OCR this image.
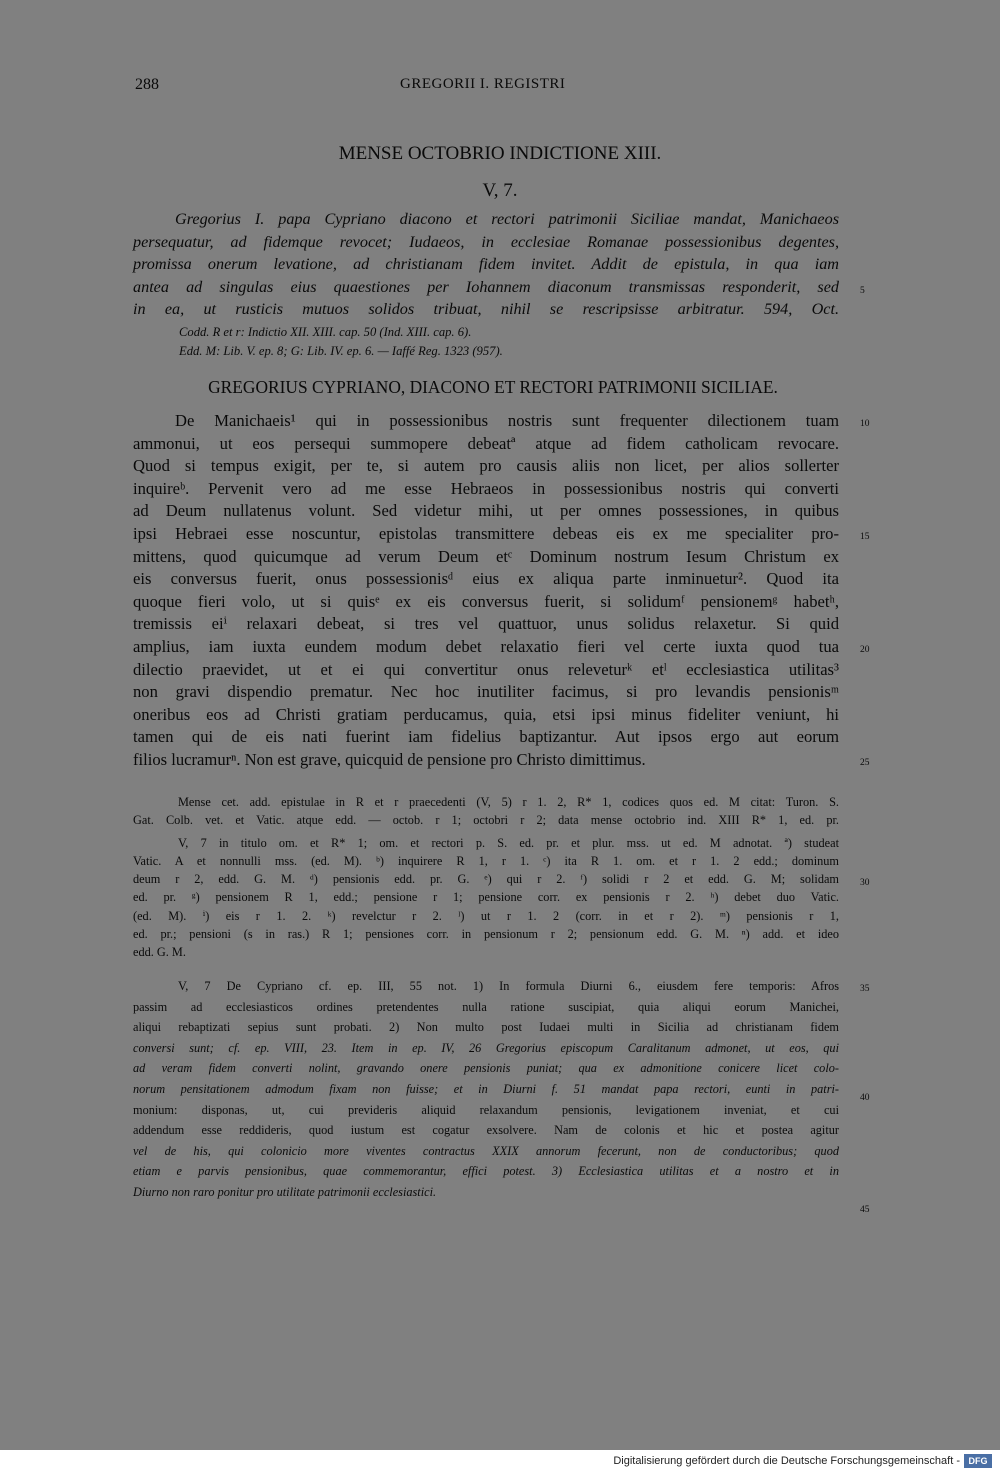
288	GREGORII I. REGISTRI
MENSE OCTOBRIO INDICTIONE XIII.
V, 7.
Gregorius I. papa Cypriano diacono et rectori patrimonii Siciliae mandat, Manichaeos
persequatur, ad fidemque revocet; Iudaeos, in ecclesiae Romanae possessionibus degentes,
promissa onerum levatione, ad christianam fidem invitet. Addit de epistula, in qua iam
antea ad singulas eius quaestiones per Iohannem diaconum transmissas responderit, sed
in ea, ut rusticis mutuos solidos tribuat, nihil se rescripsisse arbitratur. 594, Oct.
5
Codd. R et r: Indictio XII. XIII. cap. 50 (Ind. XIII. cap. 6).
Edd. M: Lib. V. ep. 8; G: Lib. IV. ep. 6. — Iaffé Reg. 1323 (957).
GREGORIUS CYPRIANO, DIACONO ET RECTORI PATRIMONII SICILIAE.
De Manichaeis¹ qui in possessionibus nostris sunt frequenter dilectionem tuam
ammonui, ut eos persequi summopere debeatª atque ad fidem catholicam revocare.
Quod si tempus exigit, per te, si autem pro causis aliis non licet, per alios sollerter
inquireᵇ. Pervenit vero ad me esse Hebraeos in possessionibus nostris qui converti
ad Deum nullatenus volunt. Sed videtur mihi, ut per omnes possessiones, in quibus
ipsi Hebraei esse noscuntur, epistolas transmittere debeas eis ex me specialiter pro-
mittens, quod quicumque ad verum Deum etᶜ Dominum nostrum Iesum Christum ex
eis conversus fuerit, onus possessionisᵈ eius ex aliqua parte inminuetur². Quod ita
quoque fieri volo, ut si quisᵉ ex eis conversus fuerit, si solidumᶠ pensionemᵍ habetʰ,
tremissis eiⁱ relaxari debeat, si tres vel quattuor, unus solidus relaxetur. Si quid
amplius, iam iuxta eundem modum debet relaxatio fieri vel certe iuxta quod tua
dilectio praevidet, ut et ei qui convertitur onus releveturᵏ etˡ ecclesiastica utilitas³
non gravi dispendio prematur. Nec hoc inutiliter facimus, si pro levandis pensionisᵐ
oneribus eos ad Christi gratiam perducamus, quia, etsi ipsi minus fideliter veniunt, hi
tamen qui de eis nati fuerint iam fidelius baptizantur. Aut ipsos ergo aut eorum
filios lucramurⁿ. Non est grave, quicquid de pensione pro Christo dimittimus.
10
15
20
25
Mense cet. add. epistulae in R et r praecedenti (V, 5) r 1. 2, R* 1, codices quos ed. M citat: Turon. S.
Gat. Colb. vet. et Vatic. atque edd. — octob. r 1; octobri r 2; data mense octobrio ind. XIII R* 1, ed. pr.
V, 7 in titulo om. et R* 1; om. et rectori p. S. ed. pr. et plur. mss. ut ed. M adnotat. ª) studeat
Vatic. A et nonnulli mss. (ed. M). ᵇ) inquirere R 1, r 1. ᶜ) ita R 1. om. et r 1. 2 edd.; dominum
deum r 2, edd. G. M. ᵈ) pensionis edd. pr. G. ᵉ) qui r 2. ᶠ) solidi r 2 et edd. G. M; solidam
ed. pr. ᵍ) pensionem R 1, edd.; pensione r 1; pensione corr. ex pensionis r 2. ʰ) debet duo Vatic.
(ed. M). ⁱ) eis r 1. 2. ᵏ) revelctur r 2. ˡ) ut r 1. 2 (corr. in et r 2). ᵐ) pensionis r 1,
ed. pr.; pensioni (s in ras.) R 1; pensiones corr. in pensionum r 2; pensionum edd. G. M. ⁿ) add. et ideo
edd. G. M.
30
V, 7 De Cypriano cf. ep. III, 55 not. 1) In formula Diurni 6., eiusdem fere temporis: Afros
passim ad ecclesiasticos ordines pretendentes nulla ratione suscipiat, quia aliqui eorum Manichei,
aliqui rebaptizati sepius sunt probati. 2) Non multo post Iudaei multi in Sicilia ad christianam fidem
conversi sunt; cf. ep. VIII, 23. Item in ep. IV, 26 Gregorius episcopum Caralitanum admonet, ut eos, qui
ad veram fidem converti nolint, gravando onere pensionis puniat; qua ex admonitione conicere licet colo-
norum pensitationem admodum fixam non fuisse; et in Diurni f. 51 mandat papa rectori, eunti in patri-
monium: disponas, ut, cui previderis aliquid relaxandum pensionis, levigationem inveniat, et cui
addendum esse reddideris, quod iustum est cogatur exsolvere. Nam de colonis et hic et postea agitur
vel de his, qui colonicio more viventes contractus XXIX annorum fecerunt, non de conductoribus; quod
etiam e parvis pensionibus, quae commemorantur, effici potest. 3) Ecclesiastica utilitas et a nostro et in
Diurno non raro ponitur pro utilitate patrimonii ecclesiastici.
35
40
45
Digitalisierung gefördert durch die Deutsche Forschungsgemeinschaft - DFG
